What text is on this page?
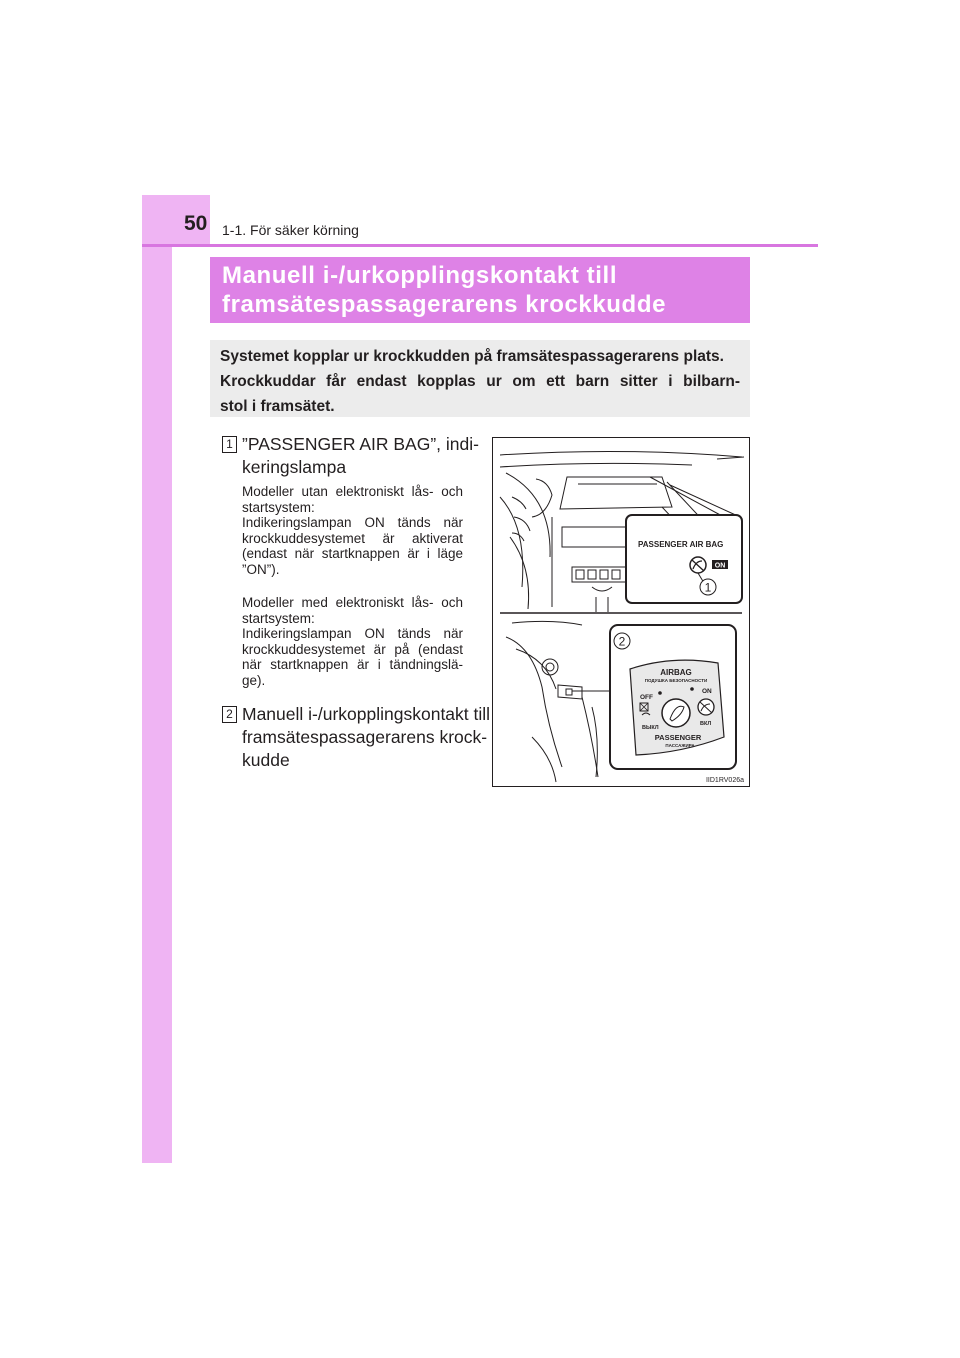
50 1-1. För säker körning
Manuell i-/urkopplingskontakt till
framsätespassagerarens krockkudde
Systemet kopplar ur krockkudden på framsätespassagerarens plats.
Krockkuddar får endast kopplas ur om ett barn sitter i bilbarn-
stol i framsätet.
1 ”PASSENGER AIR BAG”, indi-
keringslampa
Modeller utan elektroniskt lås- och
startsystem:
Indikeringslampan ON tänds när
krockkuddesystemet är aktiverat
(endast när startknappen är i läge
”ON”).
Modeller med elektroniskt lås- och
startsystem:
Indikeringslampan ON tänds när
krockkuddesystemet är på (endast
när startknappen är i tändningslä-
ge).
2 Manuell i-/urkopplingskontakt till
framsätespassagerarens krock-
kudde
PASSENGER AIR BAG
ON
1
2
AIRBAG
ПОДУШКА БЕЗОПАСНОСТИ
OFF
ON
ВЫКЛ
ВКЛ
PASSENGER
ПАССАЖИРА
IID1RV026a
